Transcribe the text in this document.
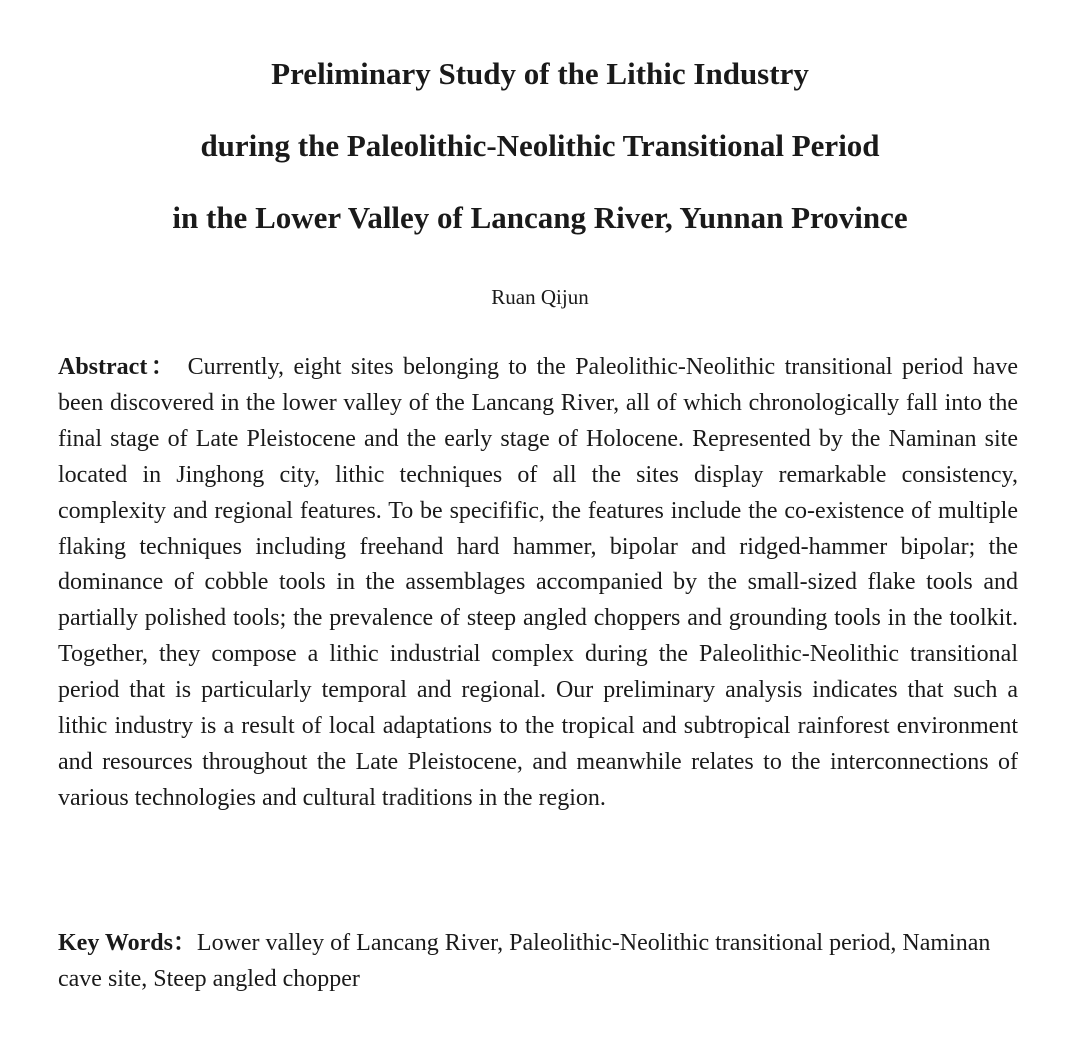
Preliminary Study of the Lithic Industry
during the Paleolithic-Neolithic Transitional Period
in the Lower Valley of Lancang River, Yunnan Province
Ruan Qijun

Abstract： Currently, eight sites belonging to the Paleolithic-Neolithic transitional period have been discovered in the lower valley of the Lancang River, all of which chronologically fall into the final stage of Late Pleistocene and the early stage of Holocene. Represented by the Naminan site located in Jinghong city, lithic techniques of all the sites display remarkable consistency, complexity and regional features. To be specifific, the features include the co-existence of multiple flaking techniques including freehand hard hammer, bipolar and ridged-hammer bipolar; the dominance of cobble tools in the assemblages accompanied by the small-sized flake tools and partially polished tools; the prevalence of steep angled choppers and grounding tools in the toolkit. Together, they compose a lithic industrial complex during the Paleolithic-Neolithic transitional period that is particularly temporal and regional. Our preliminary analysis indicates that such a lithic industry is a result of local adaptations to the tropical and subtropical rainforest environment and resources throughout the Late Pleistocene, and meanwhile relates to the interconnections of various technologies and cultural traditions in the region.

Key Words：Lower valley of Lancang River, Paleolithic-Neolithic transitional period, Naminan cave site, Steep angled chopper
